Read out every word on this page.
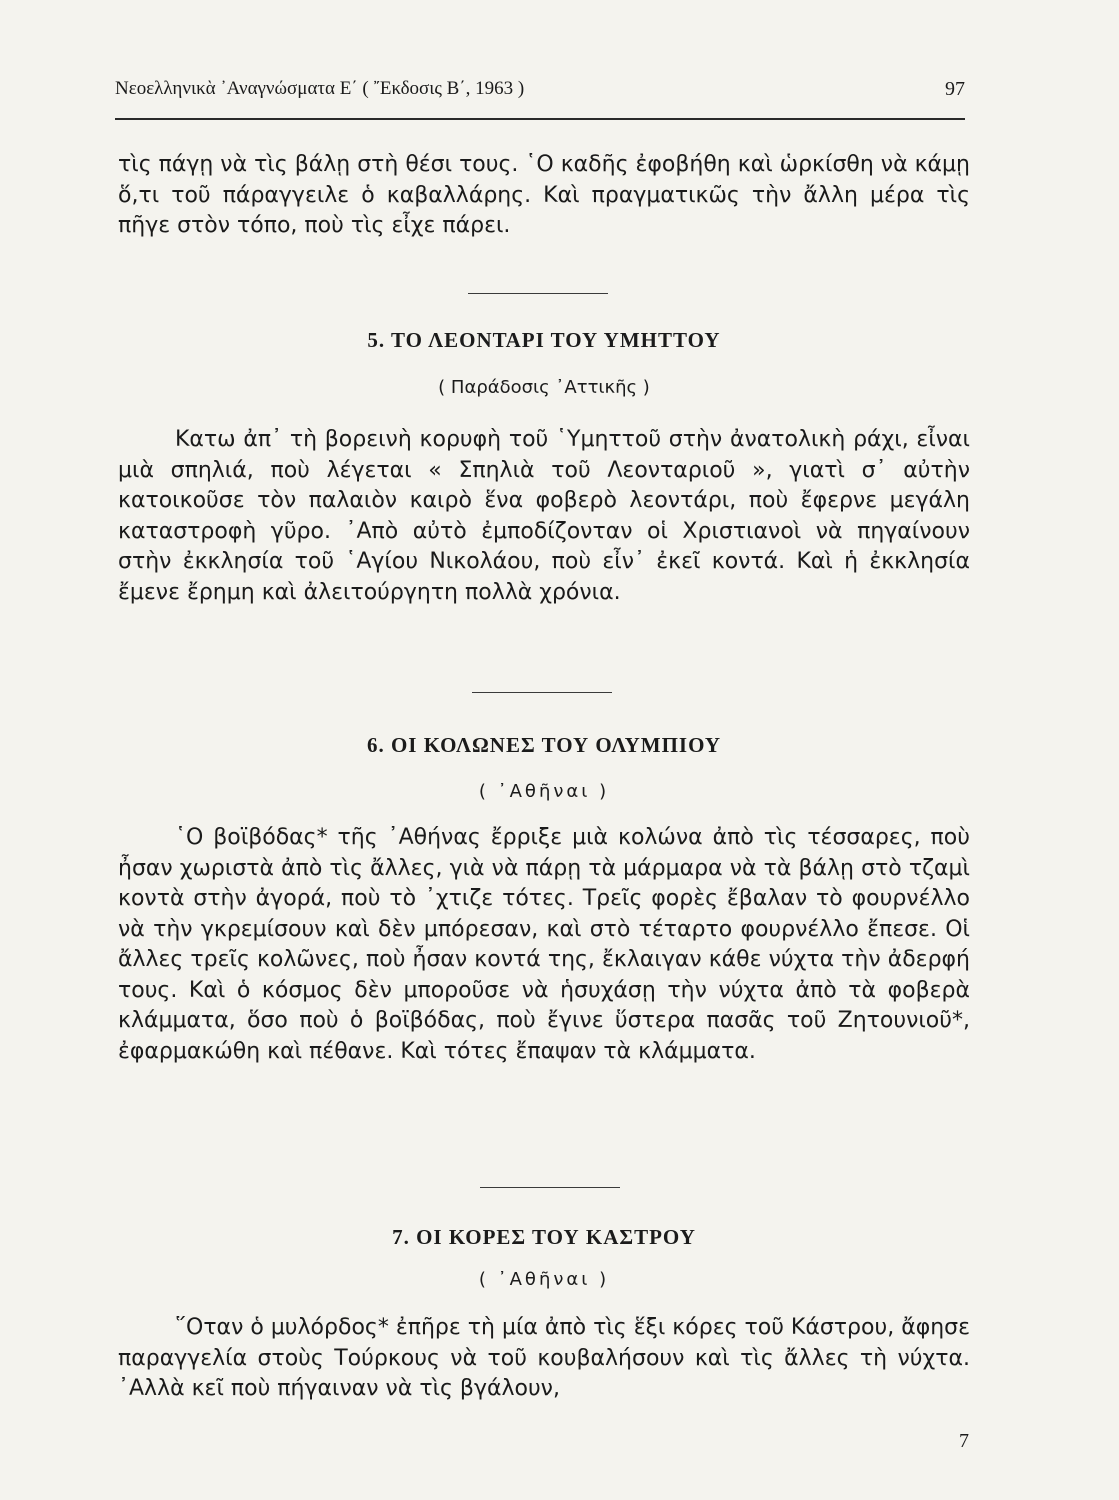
Νεοελληνικὰ ᾿Αναγνώσματα Ε΄ ( ῎Εκδοσις Β΄, 1963 )	97

τὶς πάγῃ νὰ τὶς βάλῃ στὴ θέσι τους. ῾Ο καδῆς ἐφοβήθη καὶ ὡρκίσθη νὰ κάμῃ ὅ,τι τοῦ πάραγγειλε ὁ καβαλλάρης. Καὶ πραγματικῶς τὴν ἄλλη μέρα τὶς πῆγε στὸν τόπο, ποὺ τὶς εἶχε πάρει.

5. ΤΟ ΛΕΟΝΤΑΡΙ ΤΟΥ ΥΜΗΤΤΟΥ
( Παράδοσις ᾿Αττικῆς )

Κατω ἀπ᾿ τὴ βορεινὴ κορυφὴ τοῦ ῾Υμηττοῦ στὴν ἀνατολικὴ ράχι, εἶναι μιὰ σπηλιά, ποὺ λέγεται « Σπηλιὰ τοῦ Λεονταριοῦ », γιατὶ σ᾿ αὐτὴν κατοικοῦσε τὸν παλαιὸν καιρὸ ἕνα φοβερὸ λεοντάρι, ποὺ ἔφερνε μεγάλη καταστροφὴ γῦρο. ᾿Απὸ αὐτὸ ἐμποδίζονταν οἱ Χριστιανοὶ νὰ πηγαίνουν στὴν ἐκκλησία τοῦ ῾Αγίου Νικολάου, ποὺ εἶν᾿ ἐκεῖ κοντά. Καὶ ἡ ἐκκλησία ἔμενε ἔρημη καὶ ἀλειτούργητη πολλὰ χρόνια.

6. ΟΙ ΚΟΛΩΝΕΣ ΤΟΥ ΟΛΥΜΠΙΟΥ
( ᾿Αθῆναι )

῾Ο βοϊβόδας* τῆς ᾿Αθήνας ἔρριξε μιὰ κολώνα ἀπὸ τὶς τέσσαρες, ποὺ ἦσαν χωριστὰ ἀπὸ τὶς ἄλλες, γιὰ νὰ πάρῃ τὰ μάρμαρα νὰ τὰ βάλῃ στὸ τζαμὶ κοντὰ στὴν ἀγορά, ποὺ τὸ ᾿χτιζε τότες. Τρεῖς φορὲς ἔβαλαν τὸ φουρνέλλο νὰ τὴν γκρεμίσουν καὶ δὲν μπόρεσαν, καὶ στὸ τέταρτο φουρνέλλο ἔπεσε. Οἱ ἄλλες τρεῖς κολῶνες, ποὺ ἦσαν κοντά της, ἔκλαιγαν κάθε νύχτα τὴν ἀδερφή τους. Καὶ ὁ κόσμος δὲν μποροῦσε νὰ ἡσυχάσῃ τὴν νύχτα ἀπὸ τὰ φοβερὰ κλάμματα, ὅσο ποὺ ὁ βοϊβόδας, ποὺ ἔγινε ὕστερα πασᾶς τοῦ Ζητουνιοῦ*, ἐφαρμακώθη καὶ πέθανε. Καὶ τότες ἔπαψαν τὰ κλάμματα.

7. ΟΙ ΚΟΡΕΣ ΤΟΥ ΚΑΣΤΡΟΥ
( ᾿Αθῆναι )

῞Οταν ὁ μυλόρδος* ἐπῆρε τὴ μία ἀπὸ τὶς ἕξι κόρες τοῦ Κάστρου, ἄφησε παραγγελία στοὺς Τούρκους νὰ τοῦ κουβαλήσουν καὶ τὶς ἄλλες τὴ νύχτα. ᾿Αλλὰ κεῖ ποὺ πήγαιναν νὰ τὶς βγάλουν,

7
